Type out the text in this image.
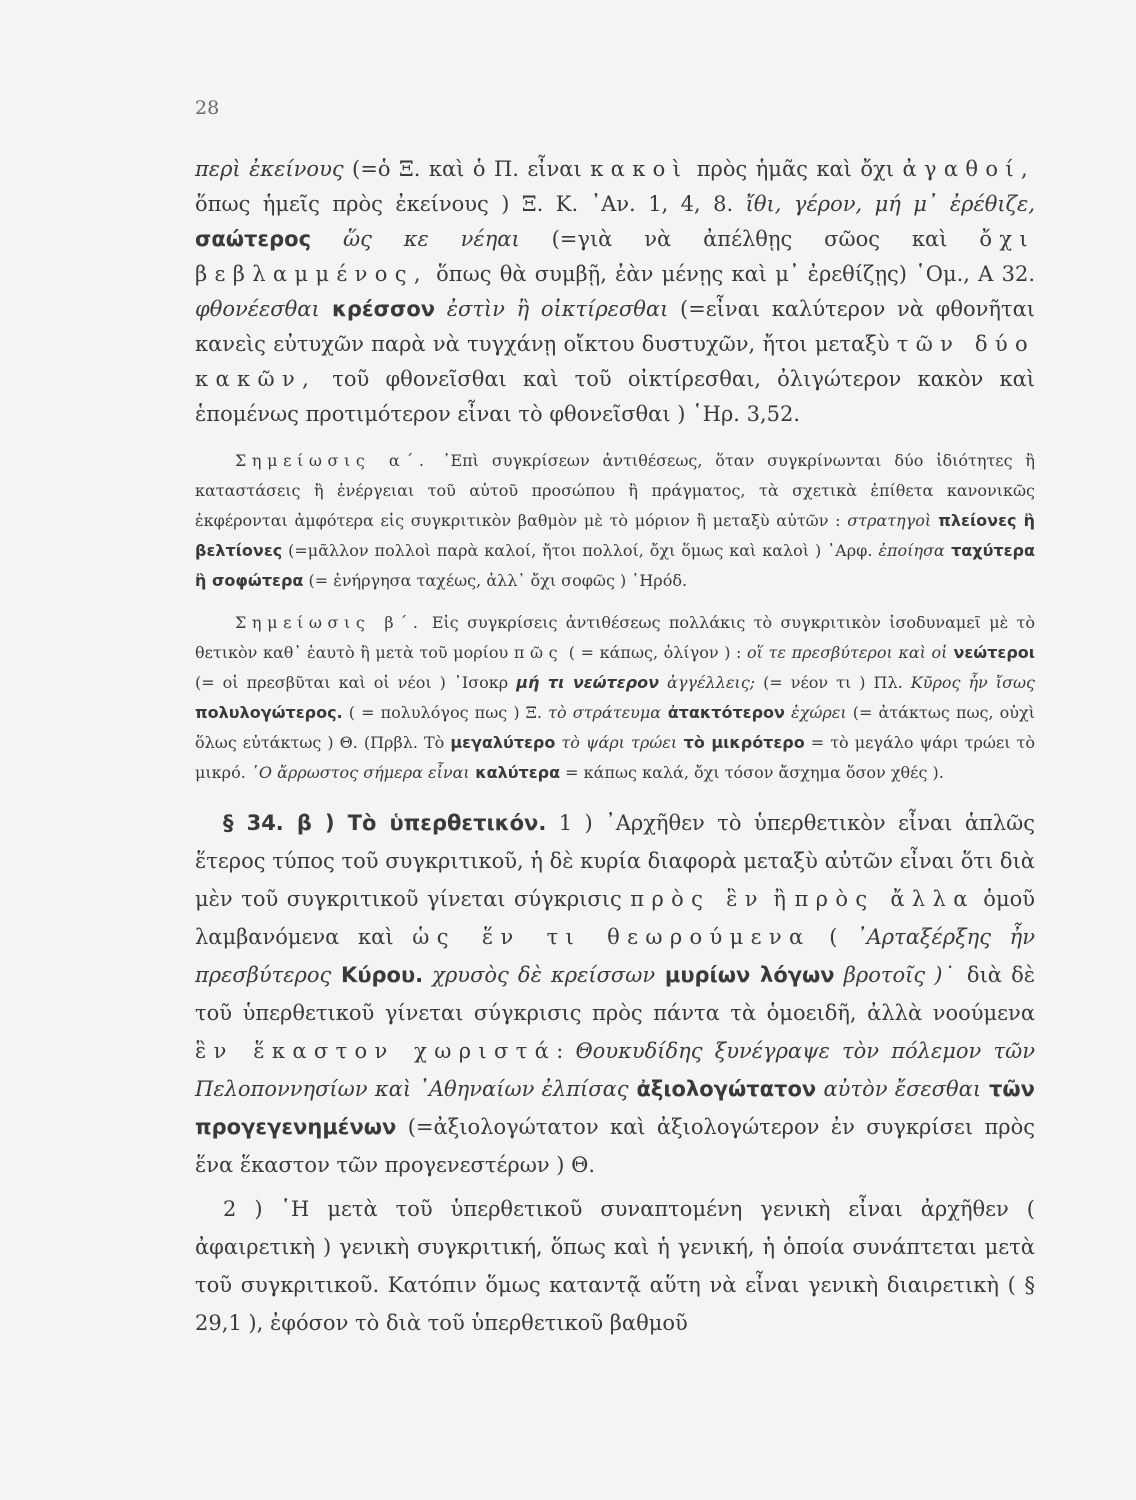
28

περὶ ἐκείνους (=ὁ Ξ. καὶ ὁ Π. εἶναι κακοὶ πρὸς ἡμᾶς καὶ ὄχι ἀγαθοί, ὅπως ἡμεῖς πρὸς ἐκείνους ) Ξ. Κ. ᾿Αν. 1, 4, 8. ἴθι, γέρον, μή μ᾿ ἐρέθιζε, σαώτερος ὥς κε νέηαι (=γιὰ νὰ ἀπέλθῃς σῶος καὶ ὄχι βεβλαμμένος, ὅπως θὰ συμβῇ, ἐὰν μένῃς καὶ μ᾿ ἐρεθίζῃς) ῾Ομ., Α 32. φθονέεσθαι κρέσσον ἐστὶν ἢ οἰκτίρεσθαι (=εἶναι καλύτερον νὰ φθονῆται κανεὶς εὐτυχῶν παρὰ νὰ τυγχάνῃ οἴκτου δυστυχῶν, ἤτοι μεταξὺ τῶν δύο κακῶν, τοῦ φθονεῖσθαι καὶ τοῦ οἰκτίρεσθαι, ὀλιγώτερον κακὸν καὶ ἑπομένως προτιμότερον εἶναι τὸ φθονεῖσθαι ) ῾Ηρ. 3,52.

Σημείωσις α΄. ᾿Επὶ συγκρίσεων ἀντιθέσεως, ὅταν συγκρίνωνται δύο ἰδιότητες ἢ καταστάσεις ἢ ἐνέργειαι τοῦ αὐτοῦ προσώπου ἢ πράγματος, τὰ σχετικὰ ἐπίθετα κανονικῶς ἐκφέρονται ἀμφότερα εἰς συγκριτικὸν βαθμὸν μὲ τὸ μόριον ἢ μεταξὺ αὐτῶν : στρατηγοὶ πλείονες ἢ βελτίονες (=μᾶλλον πολλοὶ παρὰ καλοί, ἤτοι πολλοί, ὄχι ὅμως καὶ καλοὶ ) ᾿Αρφ. ἐποίησα ταχύτερα ἢ σοφώτερα (= ἐνήργησα ταχέως, ἀλλ᾿ ὄχι σοφῶς ) ῾Ηρόδ.

Σημείωσις β΄. Εἰς συγκρίσεις ἀντιθέσεως πολλάκις τὸ συγκριτικὸν ἰσοδυναμεῖ μὲ τὸ θετικὸν καθ᾿ ἑαυτὸ ἢ μετὰ τοῦ μορίου πῶς ( = κάπως, ὀλίγον ) : οἵ τε πρεσβύτεροι καὶ οἱ νεώτεροι (= οἱ πρεσβῦται καὶ οἱ νέοι ) ᾿Ισοκρ μή τι νεώτερον ἀγγέλλεις; (= νέον τι ) Πλ. Κῦρος ἦν ἴσως πολυλογώτερος. ( = πολυλόγος πως ) Ξ. τὸ στράτευμα ἀτακτότερον ἐχώρει (= ἀτάκτως πως, οὐχὶ ὅλως εὐτάκτως ) Θ. (Πρβλ. Τὸ μεγαλύτερο τὸ ψάρι τρώει τὸ μικρότερο = τὸ μεγάλο ψάρι τρώει τὸ μικρό. ῾Ο ἄρρωστος σήμερα εἶναι καλύτερα = κάπως καλά, ὄχι τόσον ἄσχημα ὅσον χθές ).

§ 34. β ) Τὸ ὑπερθετικόν. 1 ) ᾿Αρχῆθεν τὸ ὑπερθετικὸν εἶναι ἁπλῶς ἕτερος τύπος τοῦ συγκριτικοῦ, ἡ δὲ κυρία διαφορὰ μεταξὺ αὐτῶν εἶναι ὅτι διὰ μὲν τοῦ συγκριτικοῦ γίνεται σύγκρισις πρὸς ἓν ἢ πρὸς ἄλλα ὁμοῦ λαμβανόμενα καὶ ὡς ἕν τι θεωρούμενα ( ᾿Αρταξέρξης ἦν πρεσβύτερος Κύρου. χρυσὸς δὲ κρείσσων μυρίων λόγων βροτοῖς )˙ διὰ δὲ τοῦ ὑπερθετικοῦ γίνεται σύγκρισις πρὸς πάντα τὰ ὁμοειδῆ, ἀλλὰ νοούμενα ἓν ἕκαστον χωριστά: Θουκυδίδης ξυνέγραψε τὸν πόλεμον τῶν Πελοποννησίων καὶ ᾿Αθηναίων ἐλπίσας ἀξιολογώτατον αὐτὸν ἔσεσθαι τῶν προγεγενημένων (=ἀξιολογώτατον καὶ ἀξιολογώτερον ἐν συγκρίσει πρὸς ἕνα ἕκαστον τῶν προγενεστέρων ) Θ.

2 ) ῾Η μετὰ τοῦ ὑπερθετικοῦ συναπτομένη γενικὴ εἶναι ἀρχῆθεν ( ἀφαιρετικὴ ) γενικὴ συγκριτική, ὅπως καὶ ἡ γενική, ἡ ὁποία συνάπτεται μετὰ τοῦ συγκριτικοῦ. Κατόπιν ὅμως καταντᾷ αὕτη νὰ εἶναι γενικὴ διαιρετικὴ ( § 29,1 ), ἐφόσον τὸ διὰ τοῦ ὑπερθετικοῦ βαθμοῦ
